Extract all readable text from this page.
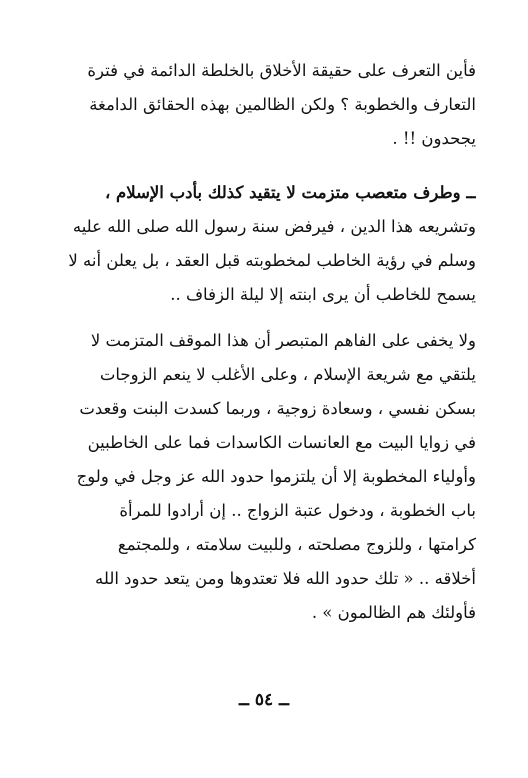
فأين التعرف على حقيقة الأخلاق بالخلطة الدائمة في فترة
التعارف والخطوبة ؟ ولكن الظالمين بهذه الحقائق الدامغة
يجحدون !! .
ــ وطرف متعصب متزمت لا يتقيد كذلك بأدب الإسلام ،
وتشريعه هذا الدين ، فيرفض سنة رسول الله صلى الله عليه
وسلم في رؤية الخاطب لمخطوبته قبل العقد ، بل يعلن أنه لا
يسمح للخاطب أن يرى ابنته إلا ليلة الزفاف ..
ولا يخفى على الفاهم المتبصر أن هذا الموقف المتزمت لا
يلتقي مع شريعة الإسلام ، وعلى الأغلب لا ينعم الزوجات
بسكن نفسي ، وسعادة زوجية ، وربما كسدت البنت وقعدت
في زوايا البيت مع العانسات الكاسدات فما على الخاطبين
وأولياء المخطوبة إلا أن يلتزموا حدود الله عز وجل في ولوج
باب الخطوبة ، ودخول عتبة الزواج .. إن أرادوا للمرأة
كرامتها ، وللزوج مصلحته ، وللبيت سلامته ، وللمجتمع
أخلاقه .. « تلك حدود الله فلا تعتدوها ومن يتعد حدود الله
فأولئك هم الظالمون » .
ــ ٥٤ ــ
